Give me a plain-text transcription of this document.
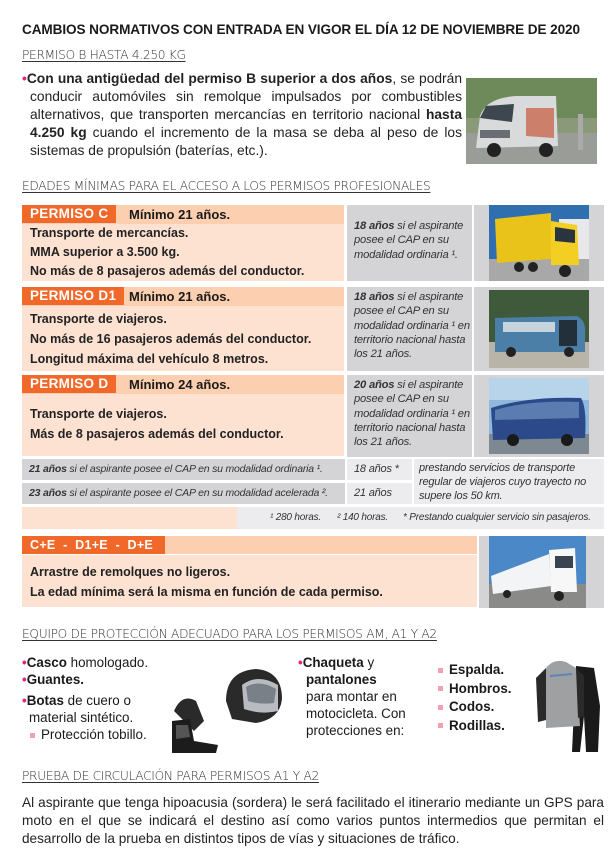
CAMBIOS NORMATIVOS CON ENTRADA EN VIGOR EL DÍA 12 DE NOVIEMBRE DE 2020
PERMISO B HASTA 4.250 KG
•Con una antigüedad del permiso B superior a dos años, se podrán conducir automóviles sin remolque impulsados por combustibles alternativos, que transporten mercancías en territorio nacional hasta 4.250 kg cuando el incremento de la masa se deba al peso de los sistemas de propulsión (baterías, etc.).
EDADES MÍNIMAS PARA EL ACCESO A LOS PERMISOS PROFESIONALES
PERMISO C	Mínimo 21 años.
Transporte de mercancías.
MMA superior a 3.500 kg.
No más de 8 pasajeros además del conductor.
18 años si el aspirante posee el CAP en su modalidad ordinaria ¹.
PERMISO D1 Mínimo 21 años.
Transporte de viajeros.
No más de 16 pasajeros además del conductor.
Longitud máxima del vehículo 8 metros.
18 años si el aspirante posee el CAP en su modalidad ordinaria ¹ en territorio nacional hasta los 21 años.
PERMISO D	Mínimo 24 años.
Transporte de viajeros.
Más de 8 pasajeros además del conductor.
20 años si el aspirante posee el CAP en su modalidad ordinaria ¹ en territorio nacional hasta los 21 años.
21 años si el aspirante posee el CAP en su modalidad ordinaria ¹.	18 años *
23 años si el aspirante posee el CAP en su modalidad acelerada ².	21 años
prestando servicios de transporte regular de viajeros cuyo trayecto no supere los 50 km.
¹ 280 horas. ² 140 horas. * Prestando cualquier servicio sin pasajeros.
C+E  -  D1+E  -  D+E
Arrastre de remolques no ligeros.
La edad mínima será la misma en función de cada permiso.
EQUIPO DE PROTECCIÓN ADECUADO PARA LOS PERMISOS AM, A1 Y A2
•Casco homologado.
•Guantes.
•Botas de cuero o material sintético.
Protección tobillo.
•Chaqueta y
pantalones
para montar en motocicleta. Con protecciones en:
Espalda.
Hombros.
Codos.
Rodillas.
PRUEBA DE CIRCULACIÓN PARA PERMISOS A1 Y A2
Al aspirante que tenga hipoacusia (sordera) le será facilitado el itinerario mediante un GPS para moto en el que se indicará el destino así como varios puntos intermedios que permitan el desarrollo de la prueba en distintos tipos de vías y situaciones de tráfico.
